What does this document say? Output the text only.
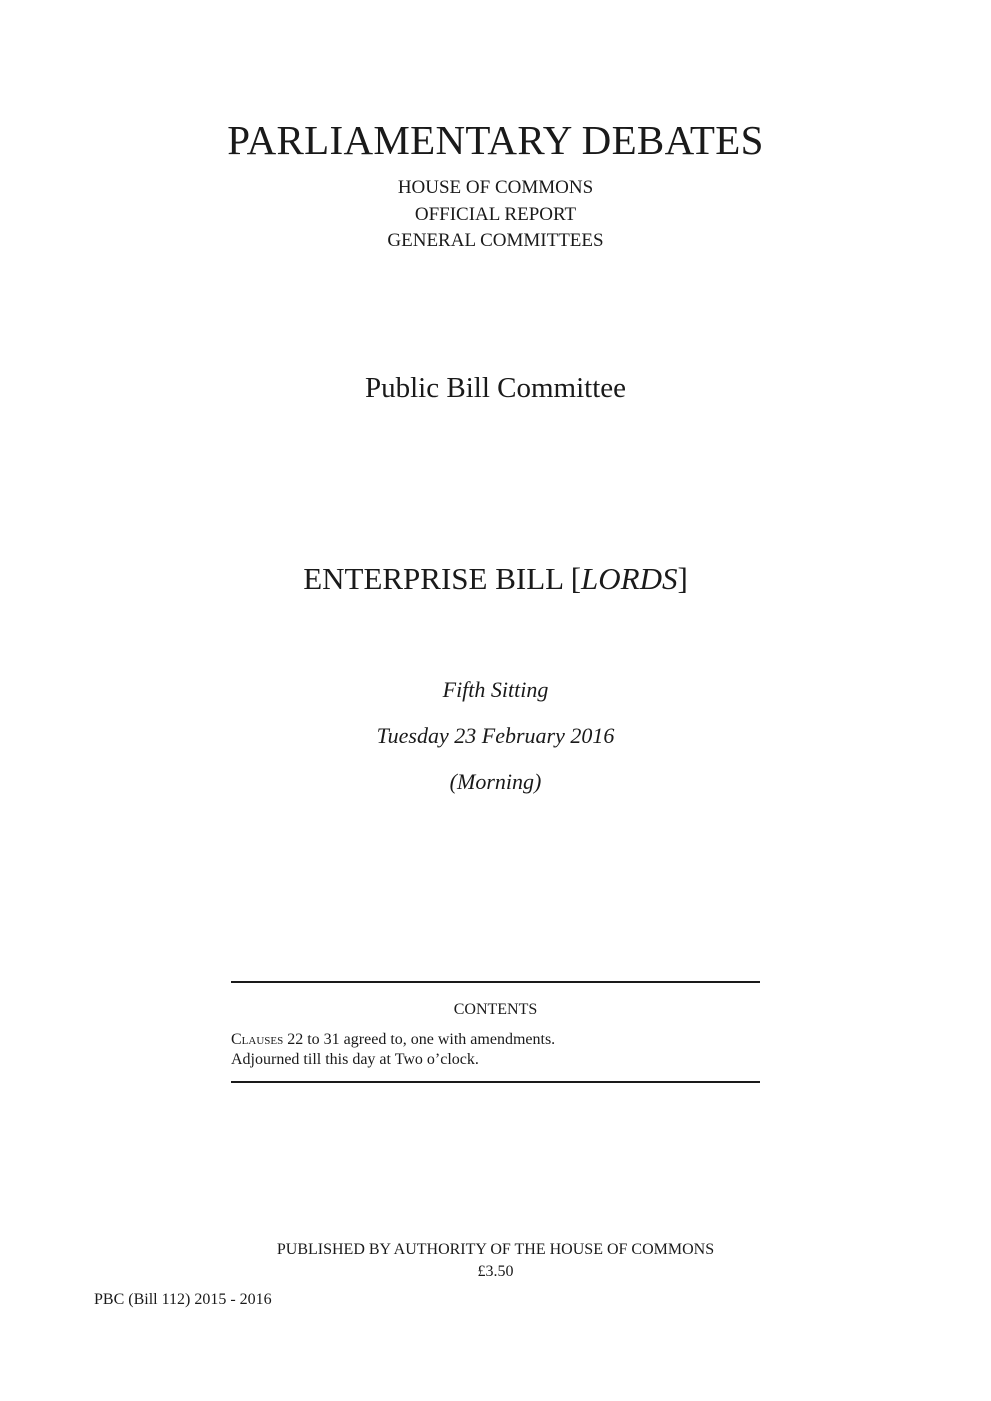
PARLIAMENTARY DEBATES
HOUSE OF COMMONS
OFFICIAL REPORT
GENERAL COMMITTEES
Public Bill Committee
ENTERPRISE BILL [LORDS]
Fifth Sitting
Tuesday 23 February 2016
(Morning)
CONTENTS
Clauses 22 to 31 agreed to, one with amendments.
Adjourned till this day at Two o’clock.
PUBLISHED BY AUTHORITY OF THE HOUSE OF COMMONS
£3.50
PBC (Bill 112) 2015 - 2016
